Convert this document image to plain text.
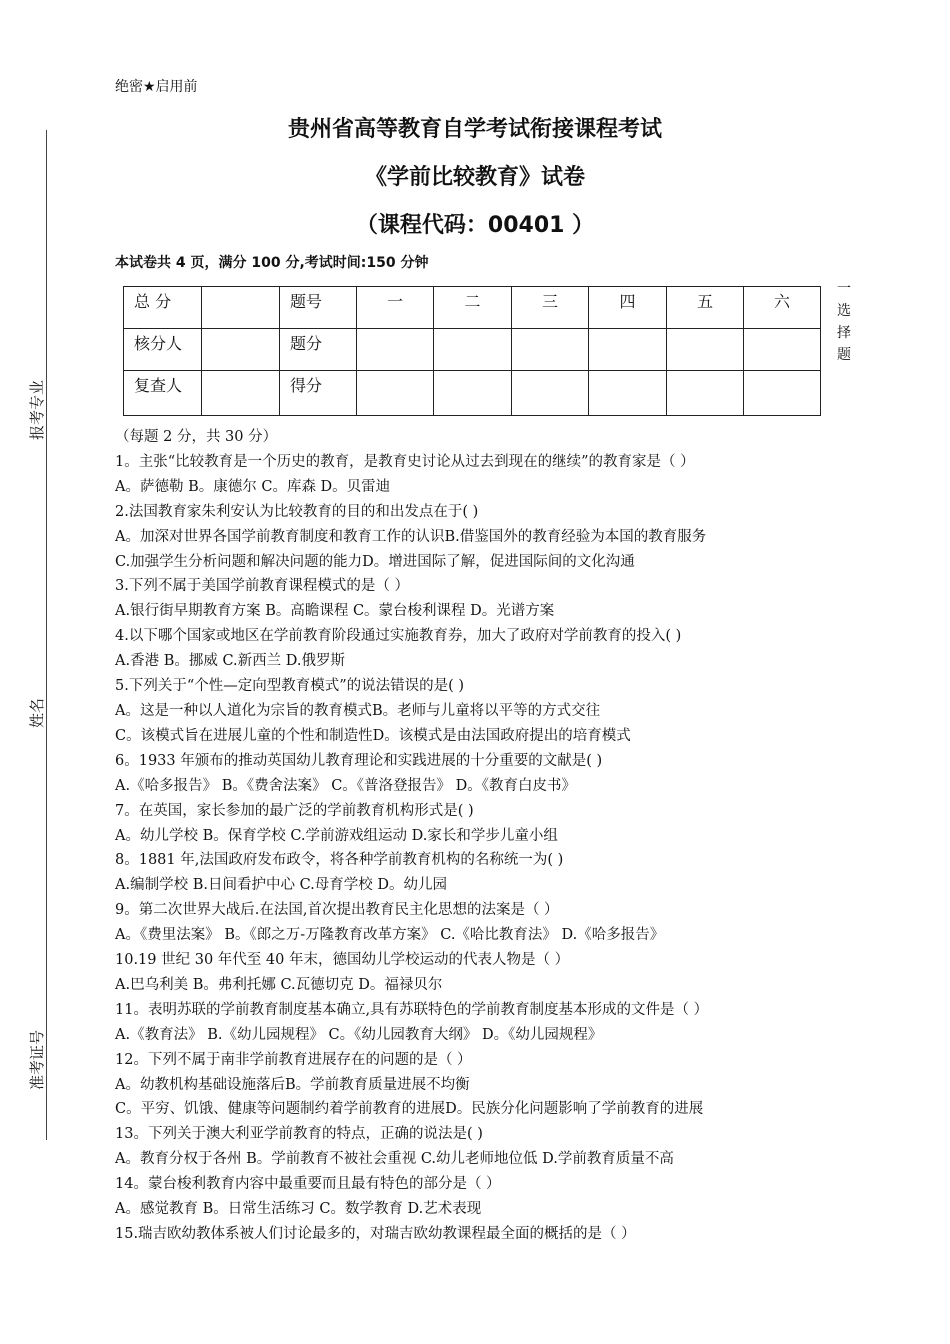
报考专业
姓名
准考证号
绝密★启用前
贵州省高等教育自学考试衔接课程考试
《学前比较教育》试卷
（课程代码：00401 ）
本试卷共 4 页，满分 100 分,考试时间:150 分钟
总 分		题号	一	二	三	四	五	六
核分人		题分						
复查人		得分						
一
选
择
题
（每题 2 分，共 30 分）
1。主张“比较教育是一个历史的教育，是教育史讨论从过去到现在的继续”的教育家是（ ）
A。萨德勒 B。康德尔 C。库森 D。贝雷迪
2.法国教育家朱利安认为比较教育的目的和出发点在于( )
A。加深对世界各国学前教育制度和教育工作的认识B.借鉴国外的教育经验为本国的教育服务
C.加强学生分析问题和解决问题的能力D。增进国际了解，促进国际间的文化沟通
3.下列不属于美国学前教育课程模式的是（ ）
A.银行街早期教育方案 B。高瞻课程 C。蒙台梭利课程 D。光谱方案
4.以下哪个国家或地区在学前教育阶段通过实施教育券，加大了政府对学前教育的投入( )
A.香港 B。挪威 C.新西兰 D.俄罗斯
5.下列关于“个性—定向型教育模式”的说法错误的是( )
A。这是一种以人道化为宗旨的教育模式B。老师与儿童将以平等的方式交往
C。该模式旨在进展儿童的个性和制造性D。该模式是由法国政府提出的培育模式
6。1933 年颁布的推动英国幼儿教育理论和实践进展的十分重要的文献是( )
A.《哈多报告》 B。《费舍法案》 C。《普洛登报告》 D。《教育白皮书》
7。在英国，家长参加的最广泛的学前教育机构形式是( )
A。幼儿学校 B。保育学校 C.学前游戏组运动 D.家长和学步儿童小组
8。1881 年,法国政府发布政令，将各种学前教育机构的名称统一为( )
A.编制学校 B.日间看护中心 C.母育学校 D。幼儿园
9。第二次世界大战后.在法国,首次提出教育民主化思想的法案是（ ）
A。《费里法案》 B。《郎之万-万隆教育改革方案》 C.《哈比教育法》 D.《哈多报告》
10.19 世纪 30 年代至 40 年末，德国幼儿学校运动的代表人物是（ ）
A.巴乌利美 B。弗利托娜 C.瓦德切克 D。福禄贝尔
11。表明苏联的学前教育制度基本确立,具有苏联特色的学前教育制度基本形成的文件是（ ）
A.《教育法》 B.《幼儿园规程》 C。《幼儿园教育大纲》 D。《幼儿园规程》
12。下列不属于南非学前教育进展存在的问题的是（ ）
A。幼教机构基础设施落后B。学前教育质量进展不均衡
C。平穷、饥饿、健康等问题制约着学前教育的进展D。民族分化问题影响了学前教育的进展
13。下列关于澳大利亚学前教育的特点，正确的说法是( )
A。教育分权于各州 B。学前教育不被社会重视 C.幼儿老师地位低 D.学前教育质量不高
14。蒙台梭利教育内容中最重要而且最有特色的部分是（ ）
A。感觉教育 B。日常生活练习 C。数学教育 D.艺术表现
15.瑞吉欧幼教体系被人们讨论最多的，对瑞吉欧幼教课程最全面的概括的是（ ）
